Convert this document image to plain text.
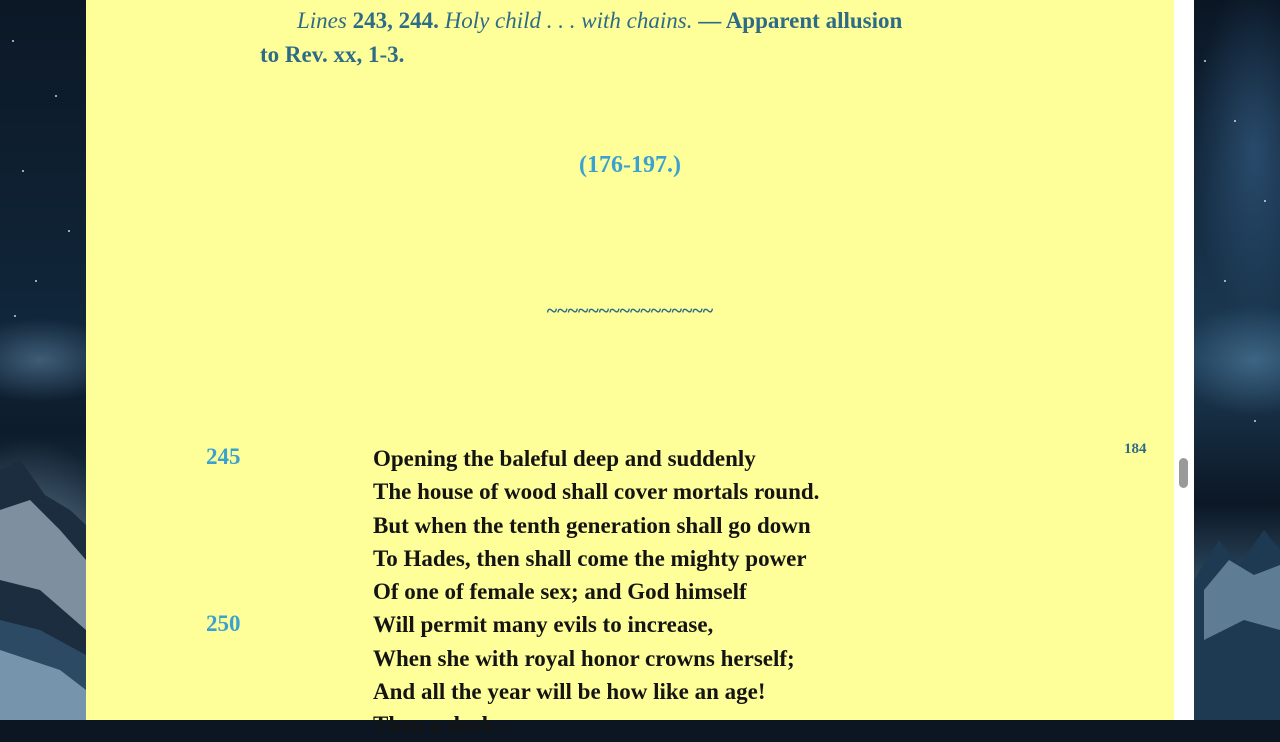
Lines 243, 244. Holy child . . . with chains. — Apparent allusion
to Rev. xx, 1-3.
(176-197.)
~~~~~~~~~~~~~~~~
245
250
184
Opening the baleful deep and suddenly
The house of wood shall cover mortals round.
But when the tenth generation shall go down
To Hades, then shall come the mighty power
Of one of female sex; and God himself
Will permit many evils to increase,
When she with royal honor crowns herself;
And all the year will be how like an age!
Then a dark ...
